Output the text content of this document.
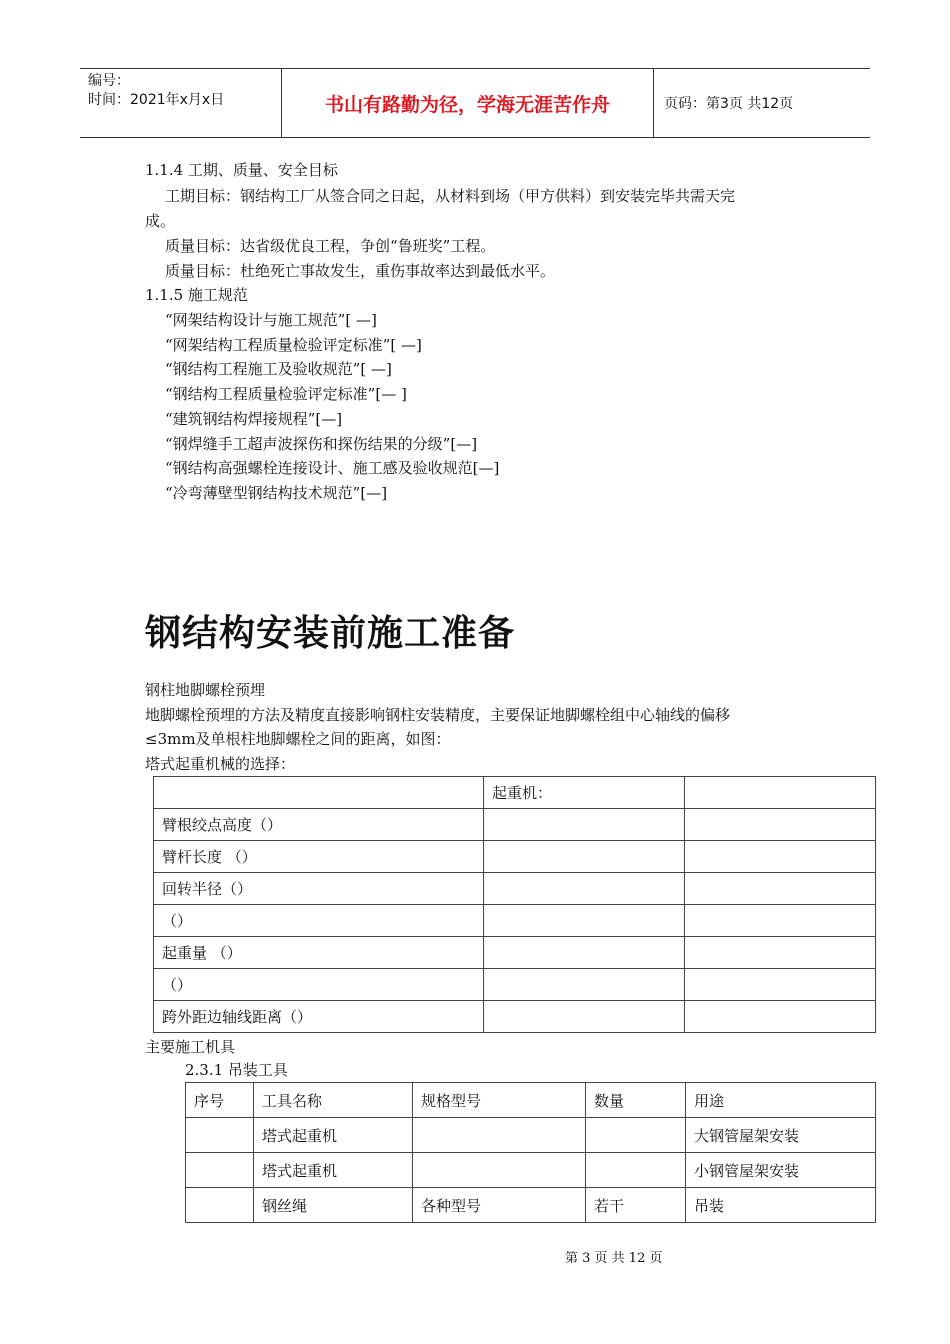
编号：
时间：2021年x月x日	书山有路勤为径，学海无涯苦作舟	页码：第3页 共12页
1.1.4 工期、质量、安全目标
工期目标：钢结构工厂从签合同之日起，从材料到场（甲方供料）到安装完毕共需天完
成。
质量目标：达省级优良工程，争创“鲁班奖”工程。
质量目标：杜绝死亡事故发生，重伤事故率达到最低水平。
1.1.5 施工规范
“网架结构设计与施工规范”[ —]
“网架结构工程质量检验评定标准”[ —]
“钢结构工程施工及验收规范”[ —]
“钢结构工程质量检验评定标准”[— ]
“建筑钢结构焊接规程”[—]
“钢焊缝手工超声波探伤和探伤结果的分级”[—]
“钢结构高强螺栓连接设计、施工感及验收规范[—]
“冷弯薄壁型钢结构技术规范”[—]
钢结构安装前施工准备
钢柱地脚螺栓预埋
地脚螺栓预埋的方法及精度直接影响钢柱安装精度，主要保证地脚螺栓组中心轴线的偏移
≤3mm及单根柱地脚螺栓之间的距离，如图：
塔式起重机械的选择：
	起重机：	
臂根绞点高度（）		
臂杆长度 （）		
回转半径（）		
（）		
起重量 （）		
（）		
跨外距边轴线距离（）		
主要施工机具
2.3.1 吊装工具
序号	工具名称	规格型号	数量	用途
	塔式起重机			大钢管屋架安装
	塔式起重机			小钢管屋架安装
	钢丝绳	各种型号	若干	吊装
第 3 页 共 12 页
